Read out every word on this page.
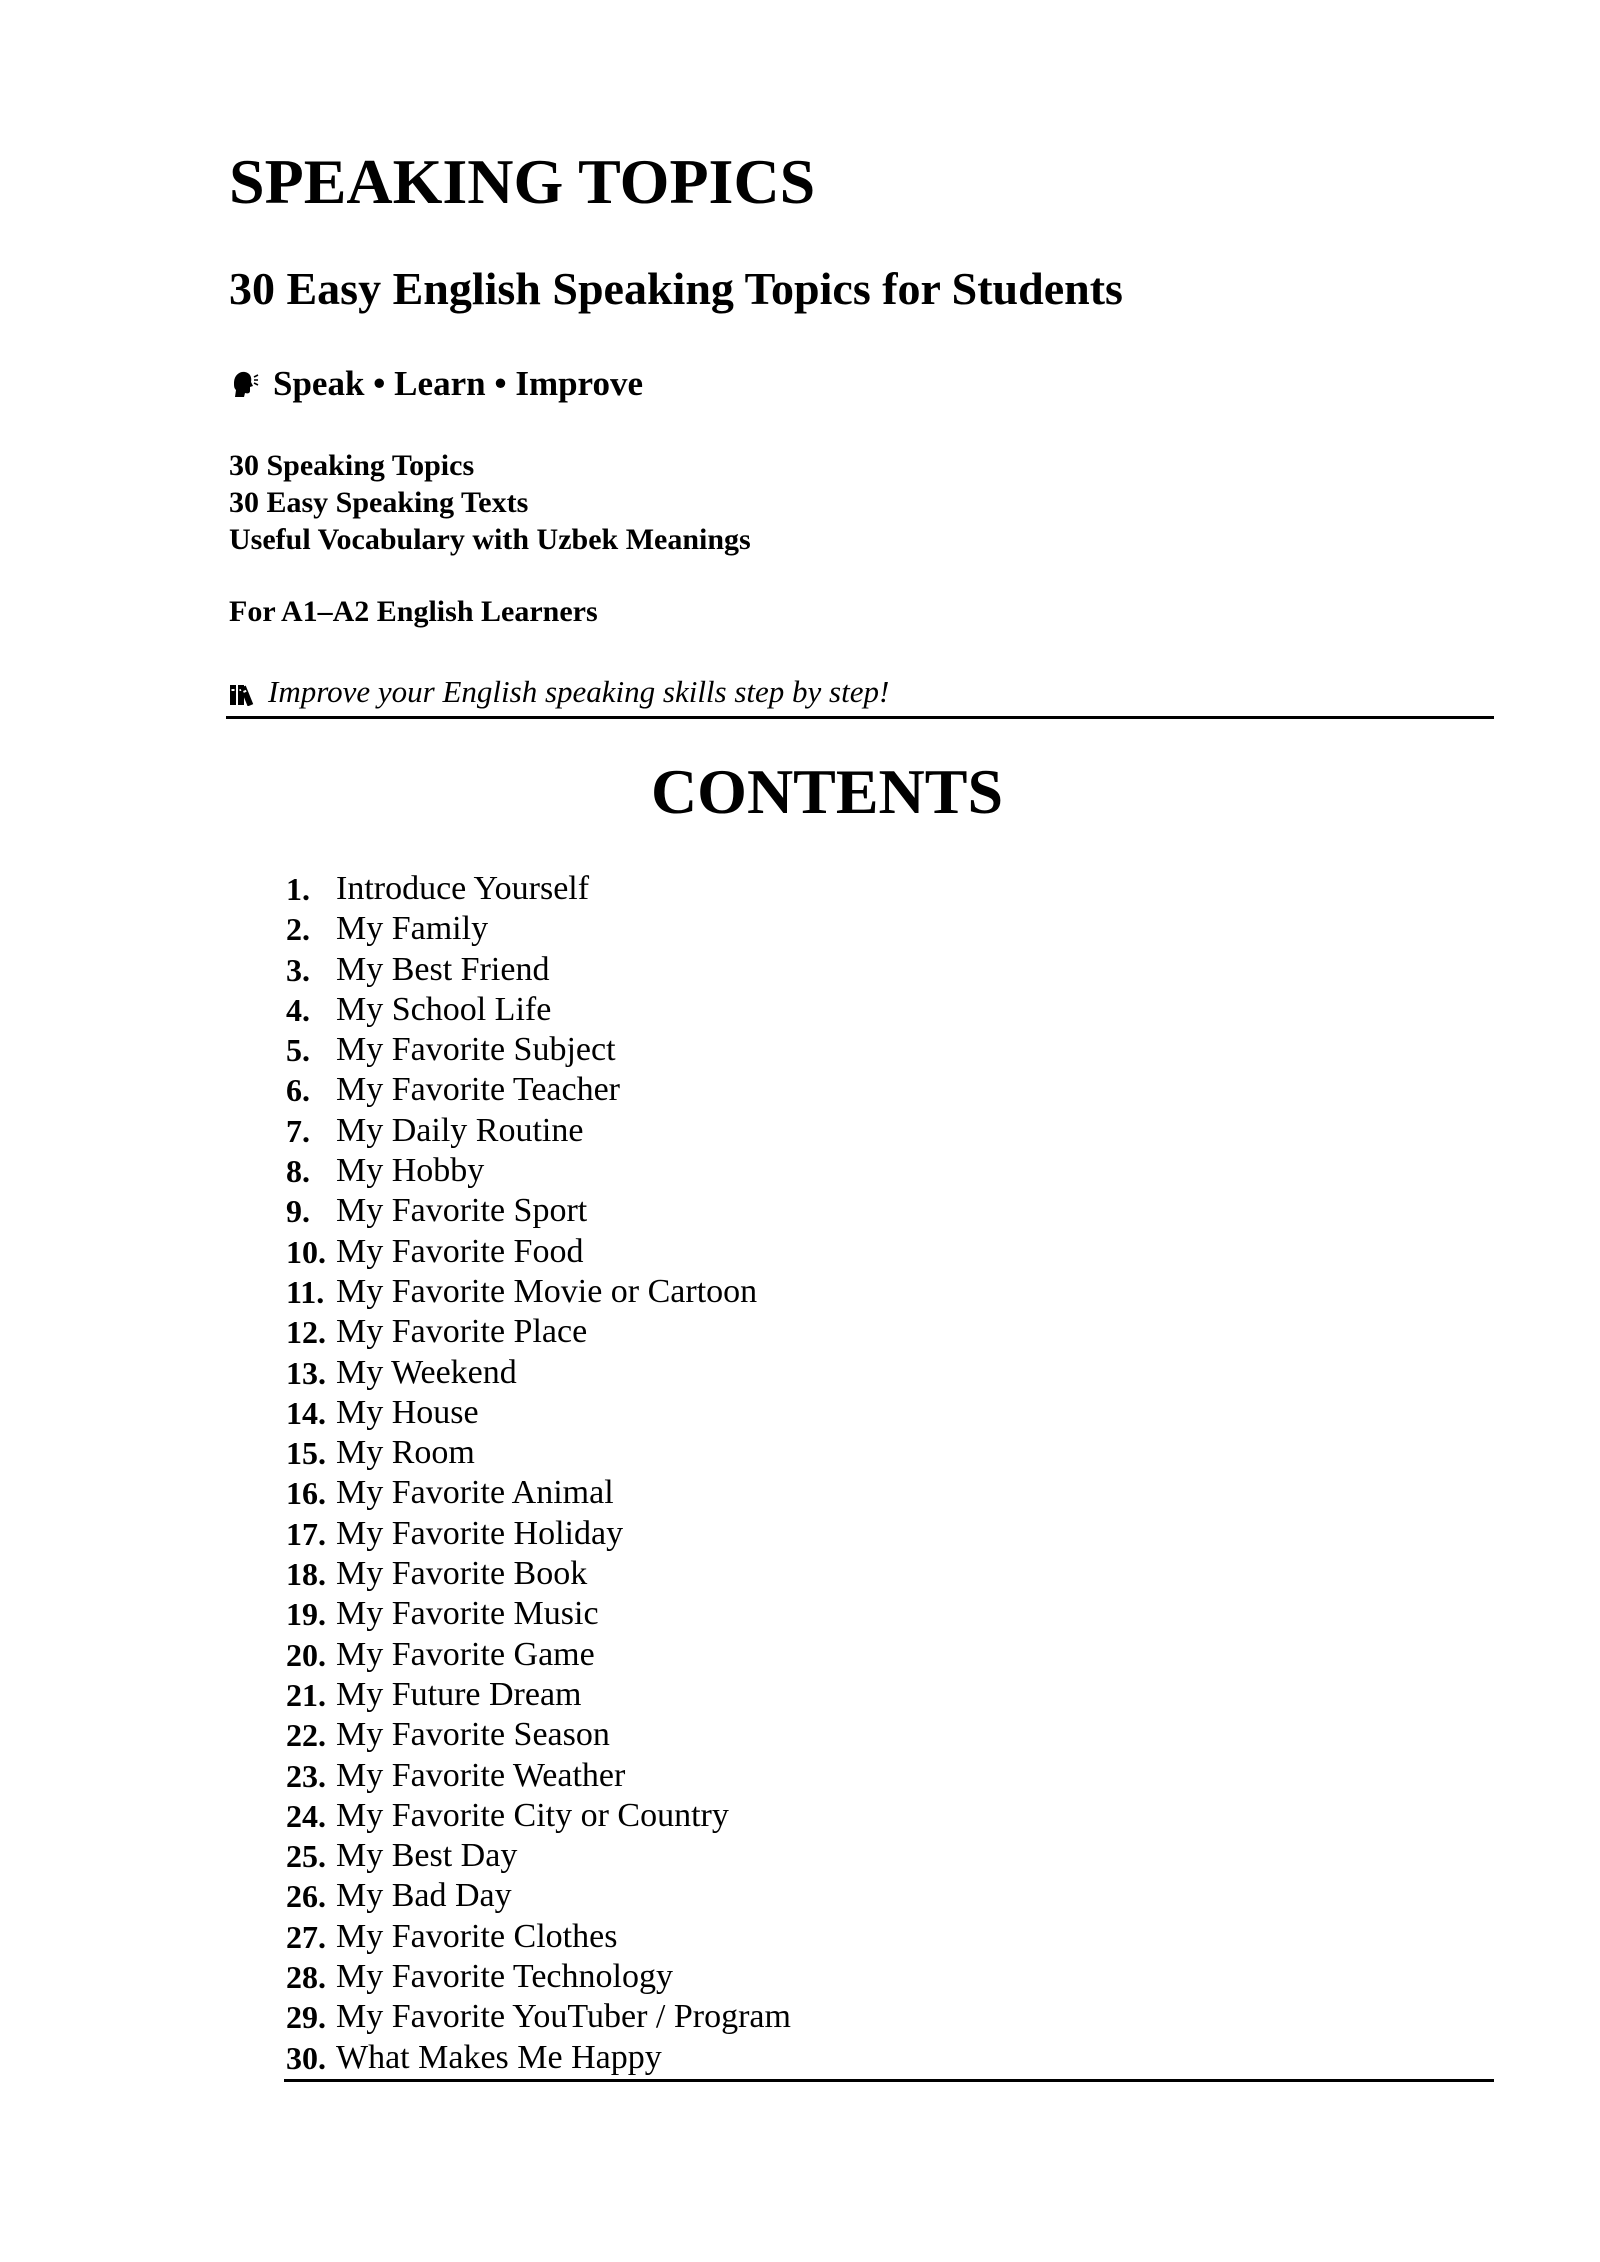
SPEAKING TOPICS
30 Easy English Speaking Topics for Students
Speak • Learn • Improve
30 Speaking Topics
30 Easy Speaking Texts
Useful Vocabulary with Uzbek Meanings
For A1–A2 English Learners
Improve your English speaking skills step by step!
CONTENTS
1. Introduce Yourself
2. My Family
3. My Best Friend
4. My School Life
5. My Favorite Subject
6. My Favorite Teacher
7. My Daily Routine
8. My Hobby
9. My Favorite Sport
10. My Favorite Food
11. My Favorite Movie or Cartoon
12. My Favorite Place
13. My Weekend
14. My House
15. My Room
16. My Favorite Animal
17. My Favorite Holiday
18. My Favorite Book
19. My Favorite Music
20. My Favorite Game
21. My Future Dream
22. My Favorite Season
23. My Favorite Weather
24. My Favorite City or Country
25. My Best Day
26. My Bad Day
27. My Favorite Clothes
28. My Favorite Technology
29. My Favorite YouTuber / Program
30. What Makes Me Happy
